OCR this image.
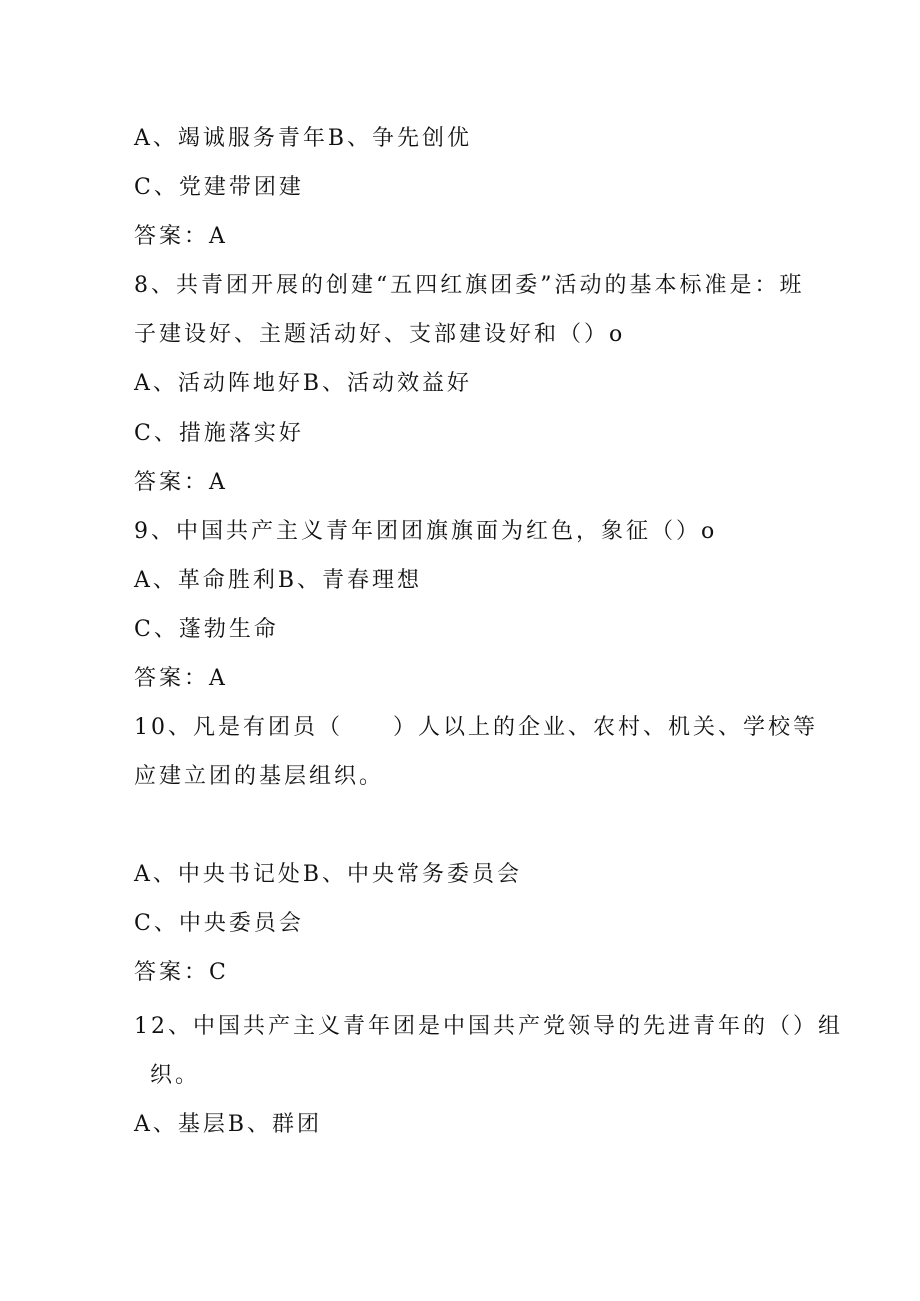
A、竭诚服务青年B、争先创优
C、党建带团建
答案：A
8、共青团开展的创建“五四红旗团委”活动的基本标准是：班
子建设好、主题活动好、支部建设好和（）o
A、活动阵地好B、活动效益好
C、措施落实好
答案：A
9、中国共产主义青年团团旗旗面为红色，象征（）o
A、革命胜利B、青春理想
C、蓬勃生命
答案：A
10、凡是有团员（　　）人以上的企业、农村、机关、学校等
应建立团的基层组织。
A、中央书记处B、中央常务委员会
C、中央委员会
答案：C
12、中国共产主义青年团是中国共产党领导的先进青年的（）组
织。
A、基层B、群团
